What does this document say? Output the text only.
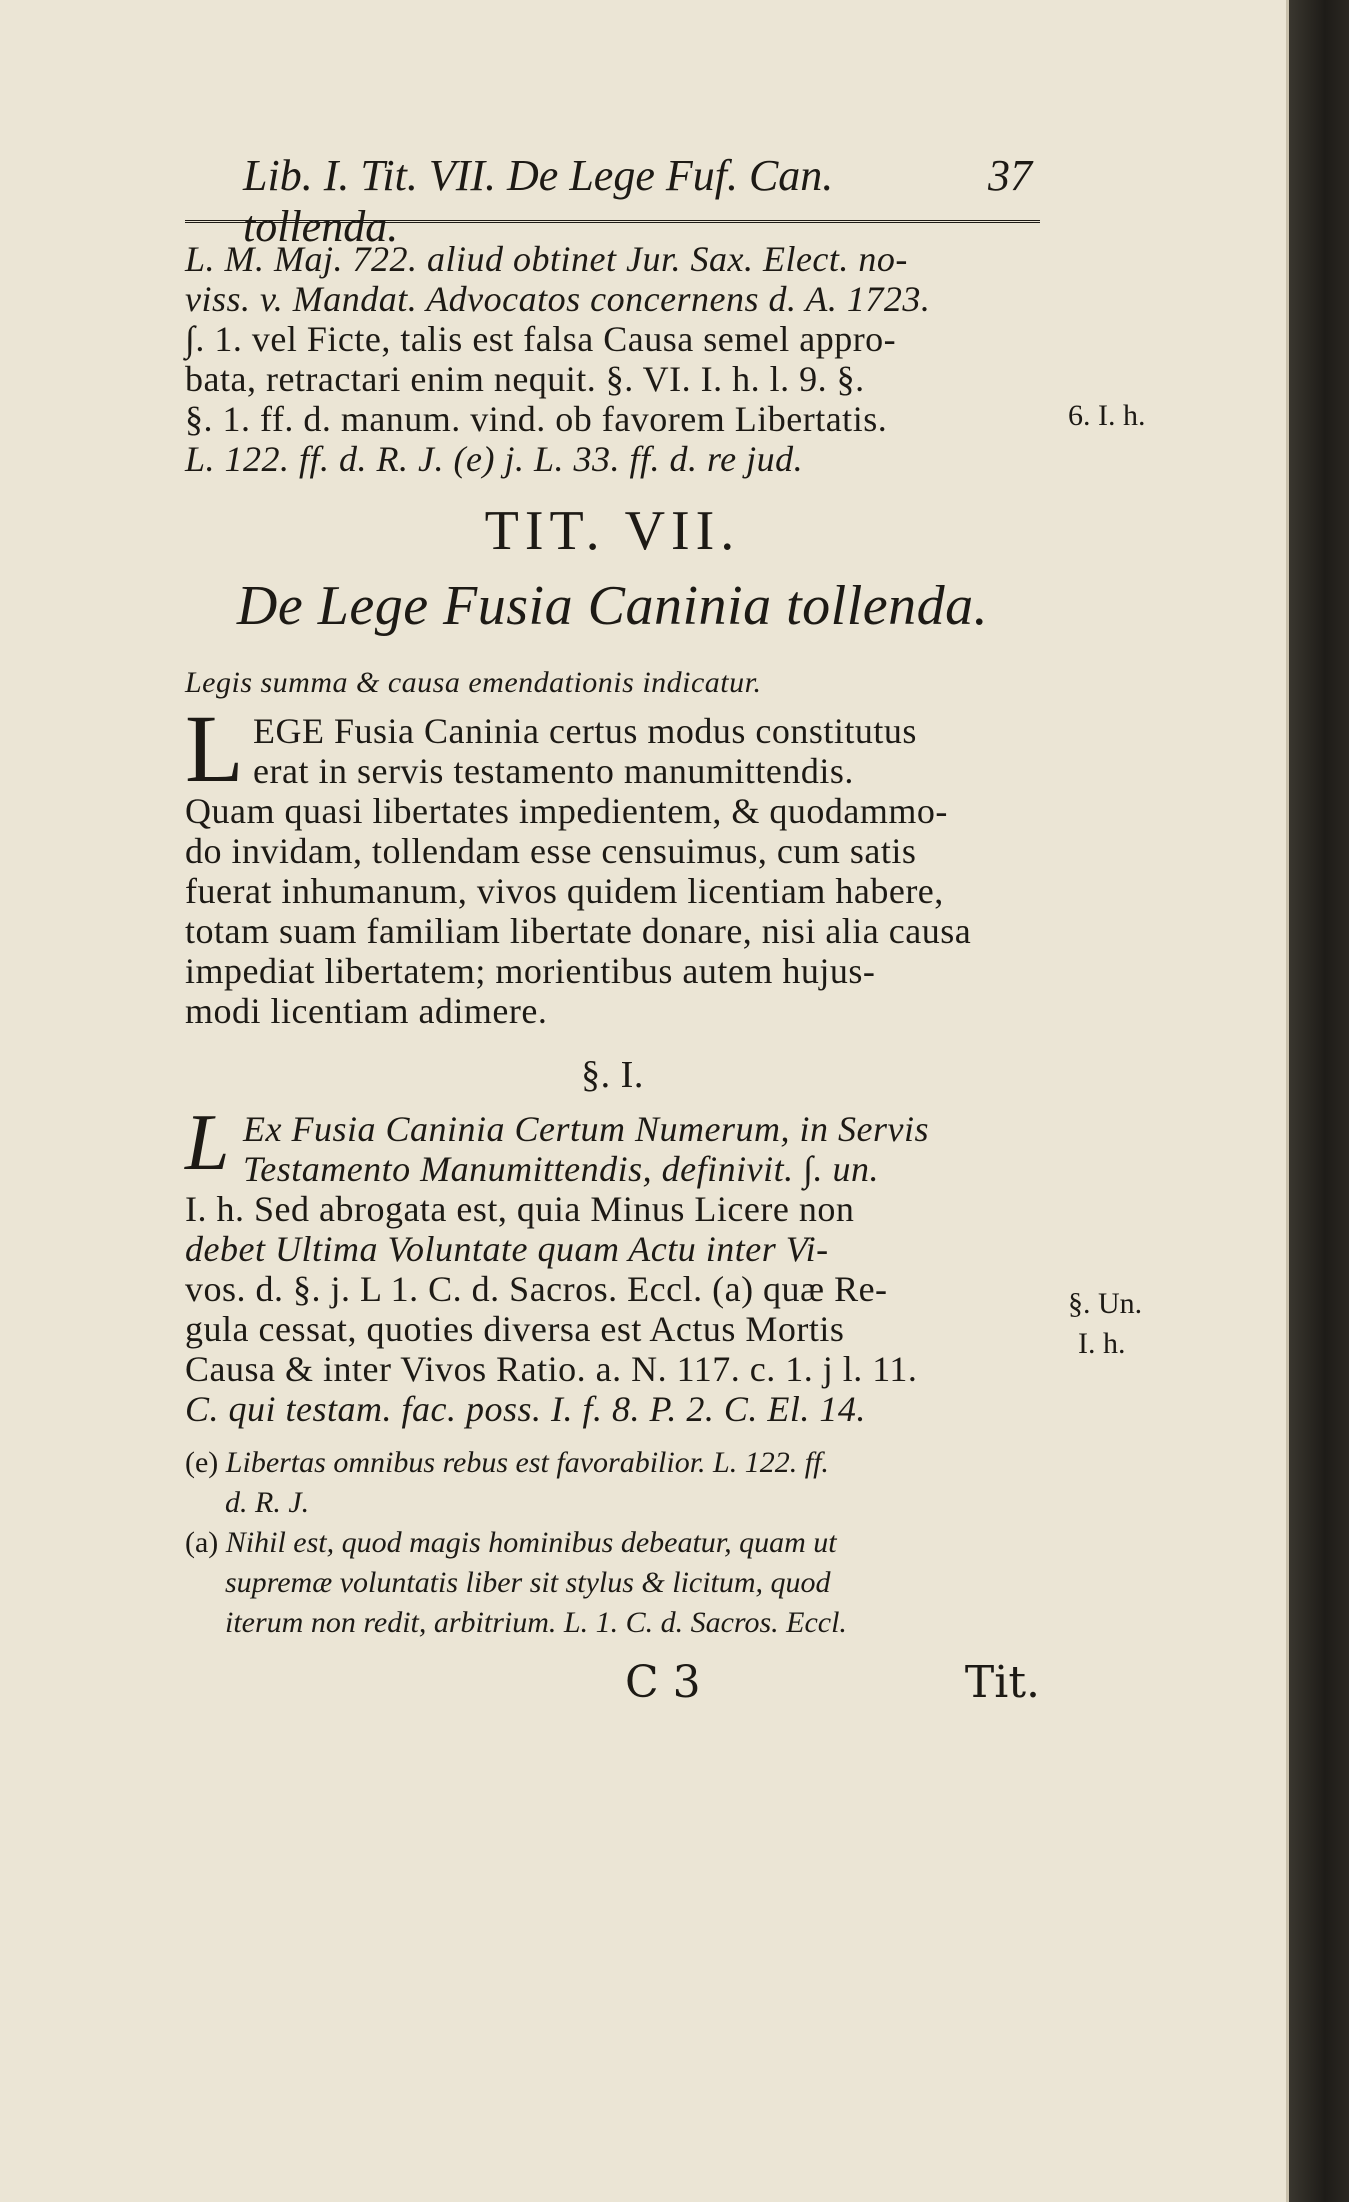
Lib. I. Tit. VII. De Lege Fuf. Can. tollenda.
37
L. M. Maj. 722. aliud obtinet Jur. Sax. Elect. no-
viss. v. Mandat. Advocatos concernens d. A. 1723.
∫. 1. vel Ficte, talis est falsa Causa semel appro-
bata, retractari enim nequit. §. VI. I. h. l. 9. §.
§. 1. ff. d. manum. vind. ob favorem Libertatis.
L. 122. ff. d. R. J. (e) j. L. 33. ff. d. re jud.
TIT. VII.
De Lege Fusia Caninia tollenda.
Legis summa & causa emendationis indicatur.
L EGE Fusia Caninia certus modus constitutus
erat in servis testamento manumittendis.
Quam quasi libertates impedientem, & quodammo-
do invidam, tollendam esse censuimus, cum satis
fuerat inhumanum, vivos quidem licentiam habere,
totam suam familiam libertate donare, nisi alia causa
impediat libertatem; morientibus autem hujus-
modi licentiam adimere.
§. I.
L Ex Fusia Caninia Certum Numerum, in Servis
Testamento Manumittendis, definivit. ∫. un.
I. h. Sed abrogata est, quia Minus Licere non
debet Ultima Voluntate quam Actu inter Vi-
vos. d. §. j. L 1. C. d. Sacros. Eccl. (a) quæ Re-
gula cessat, quoties diversa est Actus Mortis
Causa & inter Vivos Ratio. a. N. 117. c. 1. j l. 11.
C. qui testam. fac. poss. I. f. 8. P. 2. C. El. 14.
(e) Libertas omnibus rebus est favorabilior. L. 122. ff.
d. R. J.
(a) Nihil est, quod magis hominibus debeatur, quam ut
supremæ voluntatis liber sit stylus & licitum, quod
iterum non redit, arbitrium. L. 1. C. d. Sacros. Eccl.
C 3	Tit.
6. I. h.
§. Un.
I. h.
